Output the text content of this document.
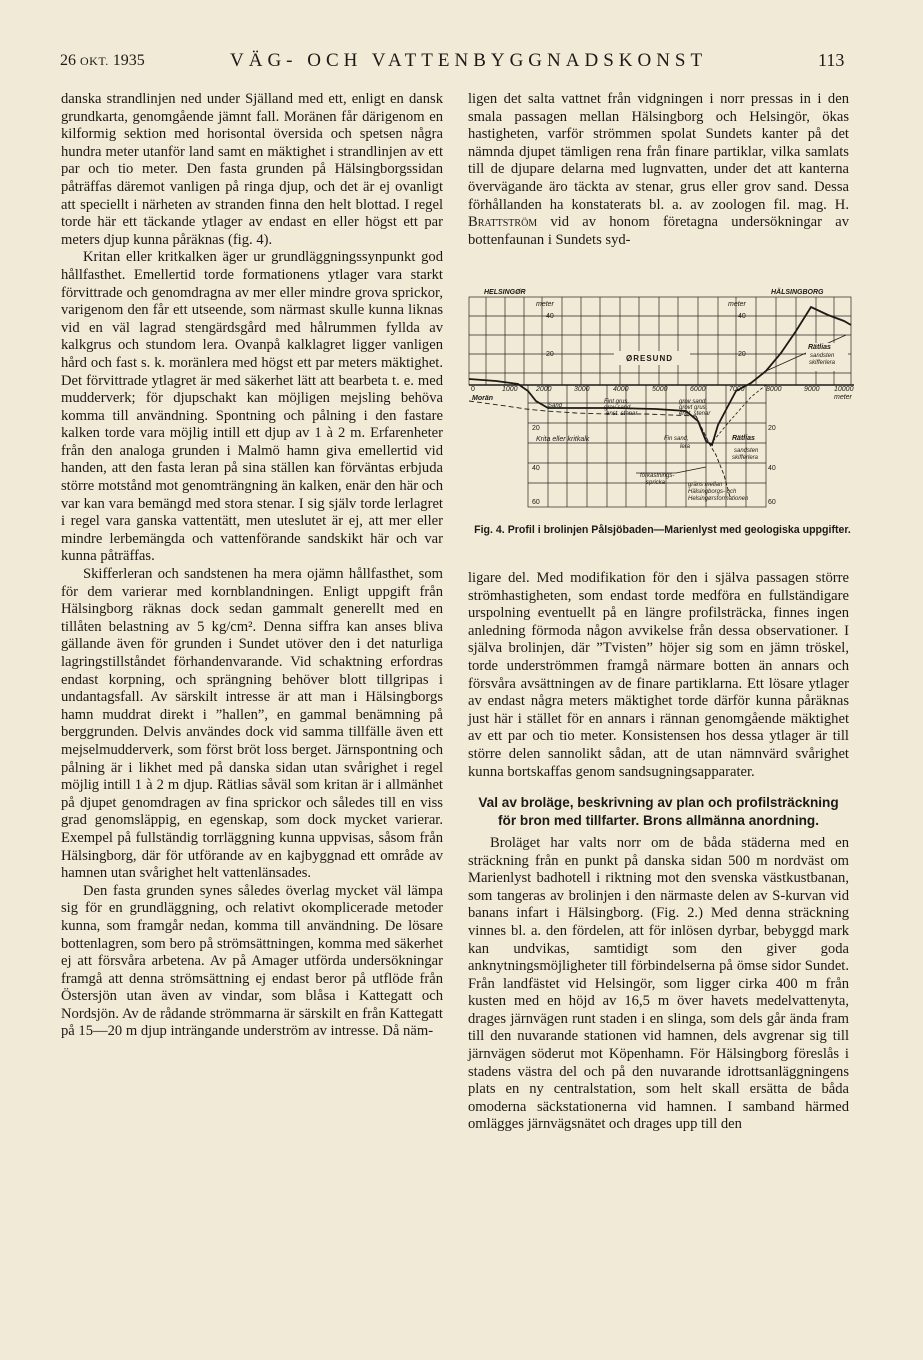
26 OKT. 1935	VÄG- OCH VATTENBYGGNADSKONST	113

danska strandlinjen ned under Själland med ett, enligt en dansk grundkarta, genomgående jämnt fall. Moränen får därigenom en kilformig sektion med horisontal översida och spetsen några hundra meter utanför land samt en mäktighet i strandlinjen av ett par och tio meter. Den fasta grunden på Hälsingborgssidan påträffas däremot vanligen på ringa djup, och det är ej ovanligt att speciellt i närheten av stranden finna den helt blottad. I regel torde här ett täckande ytlager av endast en eller högst ett par meters djup kunna påräknas (fig. 4).

Kritan eller kritkalken äger ur grundläggningssynpunkt god hållfasthet. Emellertid torde formationens ytlager vara starkt förvittrade och genomdragna av mer eller mindre grova sprickor, varigenom den får ett utseende, som närmast skulle kunna liknas vid en väl lagrad stengärdsgård med hålrummen fyllda av kalkgrus och stundom lera. Ovanpå kalklagret ligger vanligen hård och fast s. k. moränlera med högst ett par meters mäktighet. Det förvittrade ytlagret är med säkerhet lätt att bearbeta t. e. med mudderverk; för djupschakt kan möjligen mejsling behöva komma till användning. Spontning och pålning i den fastare kalken torde vara möjlig intill ett djup av 1 à 2 m. Erfarenheter från den analoga grunden i Malmö hamn giva emellertid vid handen, att den fasta leran på sina ställen kan förväntas erbjuda större motstånd mot genomträngning än kalken, enär den här och var kan vara bemängd med stora stenar. I sig själv torde lerlagret i regel vara ganska vattentätt, men uteslutet är ej, att mer eller mindre lerbemängda och vattenförande sandskikt här och var kunna påträffas.

Skifferleran och sandstenen ha mera ojämn hållfasthet, som för dem varierar med kornblandningen. Enligt uppgift från Hälsingborg räknas dock sedan gammalt generellt med en tillåten belastning av 5 kg/cm². Denna siffra kan anses bliva gällande även för grunden i Sundet utöver den i det naturliga lagringstillståndet förhandenvarande. Vid schaktning erfordras endast korpning, och sprängning behöver blott tillgripas i undantagsfall. Av särskilt intresse är att man i Hälsingborgs hamn muddrat direkt i ”hallen”, en gammal benämning på berggrunden. Delvis användes dock vid samma tillfälle även ett mejselmudderverk, som först bröt loss berget. Järnspontning och pålning är i likhet med på danska sidan utan svårighet i regel möjlig intill 1 à 2 m djup. Rätlias såväl som kritan är i allmänhet på djupet genomdragen av fina sprickor och således till en viss grad genomsläppig, en egenskap, som dock mycket varierar. Exempel på fullständig torrläggning kunna uppvisas, såsom från Hälsingborg, där för utförande av en kajbyggnad ett område av hamnen utan svårighet helt vattenlänsades.

Den fasta grunden synes således överlag mycket väl lämpa sig för en grundläggning, och relativt okomplicerade metoder kunna, som framgår nedan, komma till användning. De lösare bottenlagren, som bero på strömsättningen, komma med säkerhet ej att försvåra arbetena. Av på Amager utförda undersökningar framgå att denna strömsättning ej endast beror på utflöde från Östersjön utan även av vindar, som blåsa i Kattegatt och Nordsjön. Av de rådande strömmarna är särskilt en från Kattegatt på 15—20 m djup inträngande underström av intresse. Då näm-

ligen det salta vattnet från vidgningen i norr pressas in i den smala passagen mellan Hälsingborg och Helsingör, ökas hastigheten, varför strömmen spolat Sundets kanter på det nämnda djupet tämligen rena från finare partiklar, vilka samlats till de djupare delarna med lugnvatten, under det att kanterna övervägande äro täckta av stenar, grus eller grov sand. Dessa förhållanden ha konstaterats bl. a. av zoologen fil. mag. H. Brattström vid av honom företagna undersökningar av bottenfaunan i Sundets syd-

HELSINGØR	HÄLSINGBORG
meter	meter
40
20
40
20
ØRESUND
Rätlias
sandsten
skifferlera
0	1000	2000	3000	4000	5000	6000	7000	8000	9000 10000
meter
Morän
Sand
Fint grus,
grov sand,
enst. stenar
grov sand,
grovt grus,
enst. stenar
Krita eller kritkalk	Fin sand,
lera
Rätlias
sandsten
skifferlera
förkastnings-
spricka	gräns mellan
Hälsingborgs- och
Helsingørsformationen
20
40
60
20
40
60
Fig. 4. Profil i brolinjen Pålsjöbaden—Marienlyst med geologiska uppgifter.

ligare del. Med modifikation för den i själva passagen större strömhastigheten, som endast torde medföra en fullständigare urspolning eventuellt på en längre profilsträcka, finnes ingen anledning förmoda någon avvikelse från dessa observationer. I själva brolinjen, där ”Tvisten” höjer sig som en jämn tröskel, torde underströmmen framgå närmare botten än annars och försvåra avsättningen av de finare partiklarna. Ett lösare ytlager av endast några meters mäktighet torde därför kunna påräknas just här i stället för en annars i rännan genomgående mäktighet av ett par och tio meter. Konsistensen hos dessa ytlager är till större delen sannolikt sådan, att de utan nämnvärd svårighet kunna bortskaffas genom sandsugningsapparater.

Val av broläge, beskrivning av plan och profilsträckning för bron med tillfarter. Brons allmänna anordning.

Broläget har valts norr om de båda städerna med en sträckning från en punkt på danska sidan 500 m nordväst om Marienlyst badhotell i riktning mot den svenska västkustbanan, som tangeras av brolinjen i den närmaste delen av S-kurvan vid banans infart i Hälsingborg. (Fig. 2.) Med denna sträckning vinnes bl. a. den fördelen, att för inlösen dyrbar, bebyggd mark kan undvikas, samtidigt som den giver goda anknytningsmöjligheter till förbindelserna på ömse sidor Sundet. Från landfästet vid Helsingör, som ligger cirka 400 m från kusten med en höjd av 16,5 m över havets medelvattenyta, drages järnvägen runt staden i en slinga, som dels går ända fram till den nuvarande stationen vid hamnen, dels avgrenar sig till järnvägen söderut mot Köpenhamn. För Hälsingborg föreslås i stadens västra del och på den nuvarande idrottsanläggningens plats en ny centralstation, som helt skall ersätta de båda omoderna säckstationerna vid hamnen. I samband härmed omlägges järnvägsnätet och drages upp till den
